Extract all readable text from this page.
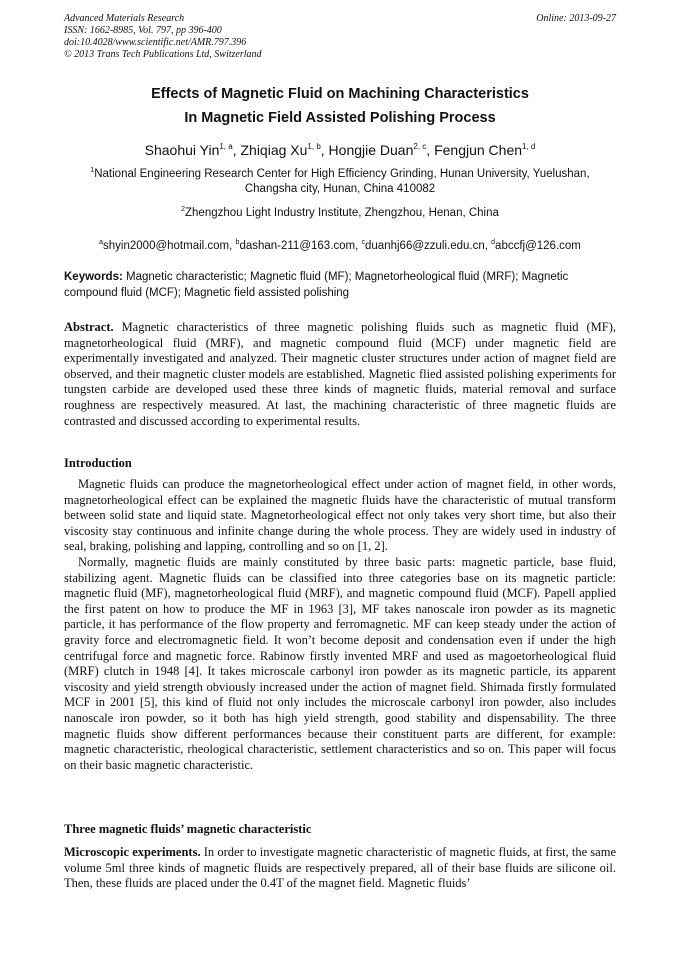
Advanced Materials Research
ISSN: 1662-8985, Vol. 797, pp 396-400
doi:10.4028/www.scientific.net/AMR.797.396
© 2013 Trans Tech Publications Ltd, Switzerland
Online: 2013-09-27
Effects of Magnetic Fluid on Machining Characteristics
In Magnetic Field Assisted Polishing Process
Shaohui Yin$^{1, a}$, Zhiqiag Xu$^{1, b}$, Hongjie Duan$^{2, c}$, Fengjun Chen$^{1, d}$
$^1$National Engineering Research Center for High Efficiency Grinding, Hunan University, Yuelushan, Changsha city, Hunan, China 410082
$^2$Zhengzhou Light Industry Institute, Zhengzhou, Henan, China
$^a$shyin2000@hotmail.com, $^b$dashan-211@163.com, $^c$duanhj66@zzuli.edu.cn, $^d$abccfj@126.com
Keywords: Magnetic characteristic; Magnetic fluid (MF); Magnetorheological fluid (MRF); Magnetic compound fluid (MCF); Magnetic field assisted polishing

Abstract. Magnetic characteristics of three magnetic polishing fluids such as magnetic fluid (MF), magnetorheological fluid (MRF), and magnetic compound fluid (MCF) under magnetic field are experimentally investigated and analyzed. Their magnetic cluster structures under action of magnet field are observed, and their magnetic cluster models are established. Magnetic flied assisted polishing experiments for tungsten carbide are developed used these three kinds of magnetic fluids, material removal and surface roughness are respectively measured. At last, the machining characteristic of three magnetic fluids are contrasted and discussed according to experimental results.

Introduction

Magnetic fluids can produce the magnetorheological effect under action of magnet field, in other words, magnetorheological effect can be explained the magnetic fluids have the characteristic of mutual transform between solid state and liquid state. Magnetorheological effect not only takes very short time, but also their viscosity stay continuous and infinite change during the whole process. They are widely used in industry of seal, braking, polishing and lapping, controlling and so on [1, 2].

Normally, magnetic fluids are mainly constituted by three basic parts: magnetic particle, base fluid, stabilizing agent. Magnetic fluids can be classified into three categories base on its magnetic particle: magnetic fluid (MF), magnetorheological fluid (MRF), and magnetic compound fluid (MCF). Papell applied the first patent on how to produce the MF in 1963 [3], MF takes nanoscale iron powder as its magnetic particle, it has performance of the flow property and ferromagnetic. MF can keep steady under the action of gravity force and electromagnetic field. It won’t become deposit and condensation even if under the high centrifugal force and magnetic force. Rabinow firstly invented MRF and used as magoetorheological fluid (MRF) clutch in 1948 [4]. It takes microscale carbonyl iron powder as its magnetic particle, its apparent viscosity and yield strength obviously increased under the action of magnet field. Shimada firstly formulated MCF in 2001 [5], this kind of fluid not only includes the microscale carbonyl iron powder, also includes nanoscale iron powder, so it both has high yield strength, good stability and dispensability. The three magnetic fluids show different performances because their constituent parts are different, for example: magnetic characteristic, rheological characteristic, settlement characteristics and so on. This paper will focus on their basic magnetic characteristic.

Three magnetic fluids’ magnetic characteristic

Microscopic experiments. In order to investigate magnetic characteristic of magnetic fluids, at first, the same volume 5ml three kinds of magnetic fluids are respectively prepared, all of their base fluids are silicone oil. Then, these fluids are placed under the 0.4T of the magnet field. Magnetic fluids’
